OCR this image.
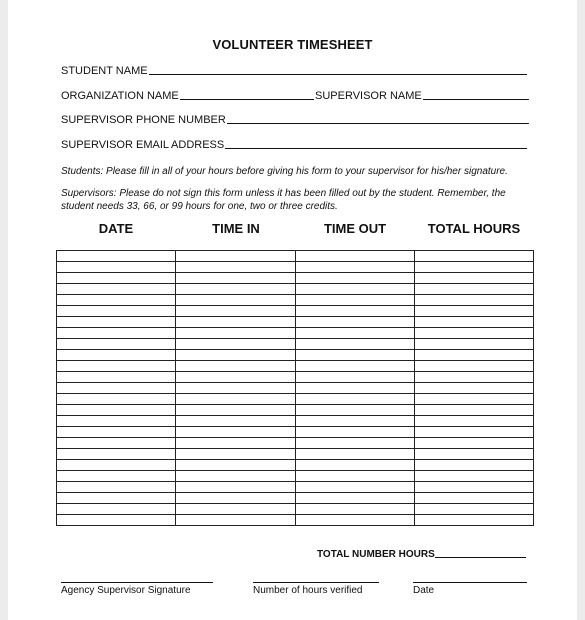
VOLUNTEER TIMESHEET
STUDENT NAME
ORGANIZATION NAME	SUPERVISOR NAME
SUPERVISOR PHONE NUMBER
SUPERVISOR EMAIL ADDRESS
Students: Please fill in all of your hours before giving his form to your supervisor for his/her signature.
Supervisors: Please do not sign this form unless it has been filled out by the student. Remember, the student needs 33, 66, or 99 hours for one, two or three credits.
DATE	TIME IN	TIME OUT	TOTAL HOURS

TOTAL NUMBER HOURS
Agency Supervisor Signature	Number of hours verified	Date
